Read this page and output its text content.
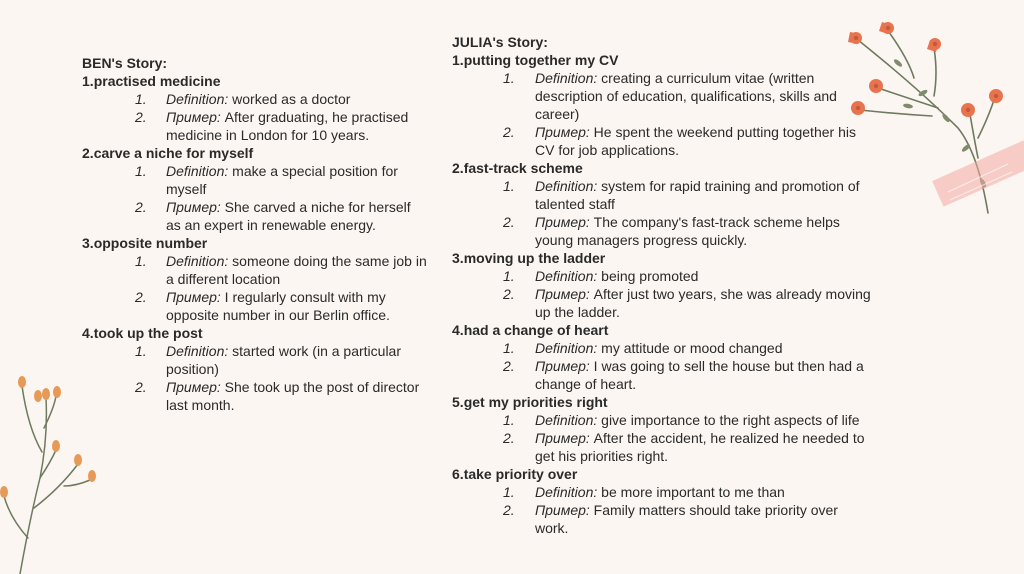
BEN's Story:
1.practised medicine
1. Definition: worked as a doctor
2. Пример: After graduating, he practised medicine in London for 10 years.
2.carve a niche for myself
1. Definition: make a special position for myself
2. Пример: She carved a niche for herself as an expert in renewable energy.
3.opposite number
1. Definition: someone doing the same job in a different location
2. Пример: I regularly consult with my opposite number in our Berlin office.
4.took up the post
1. Definition: started work (in a particular position)
2. Пример: She took up the post of director last month.
JULIA's Story:
1.putting together my CV
1. Definition: creating a curriculum vitae (written description of education, qualifications, skills and career)
2. Пример: He spent the weekend putting together his CV for job applications.
2.fast-track scheme
1. Definition: system for rapid training and promotion of talented staff
2. Пример: The company's fast-track scheme helps young managers progress quickly.
3.moving up the ladder
1. Definition: being promoted
2. Пример: After just two years, she was already moving up the ladder.
4.had a change of heart
1. Definition: my attitude or mood changed
2. Пример: I was going to sell the house but then had a change of heart.
5.get my priorities right
1. Definition: give importance to the right aspects of life
2. Пример: After the accident, he realized he needed to get his priorities right.
6.take priority over
1. Definition: be more important to me than
2. Пример: Family matters should take priority over work.
